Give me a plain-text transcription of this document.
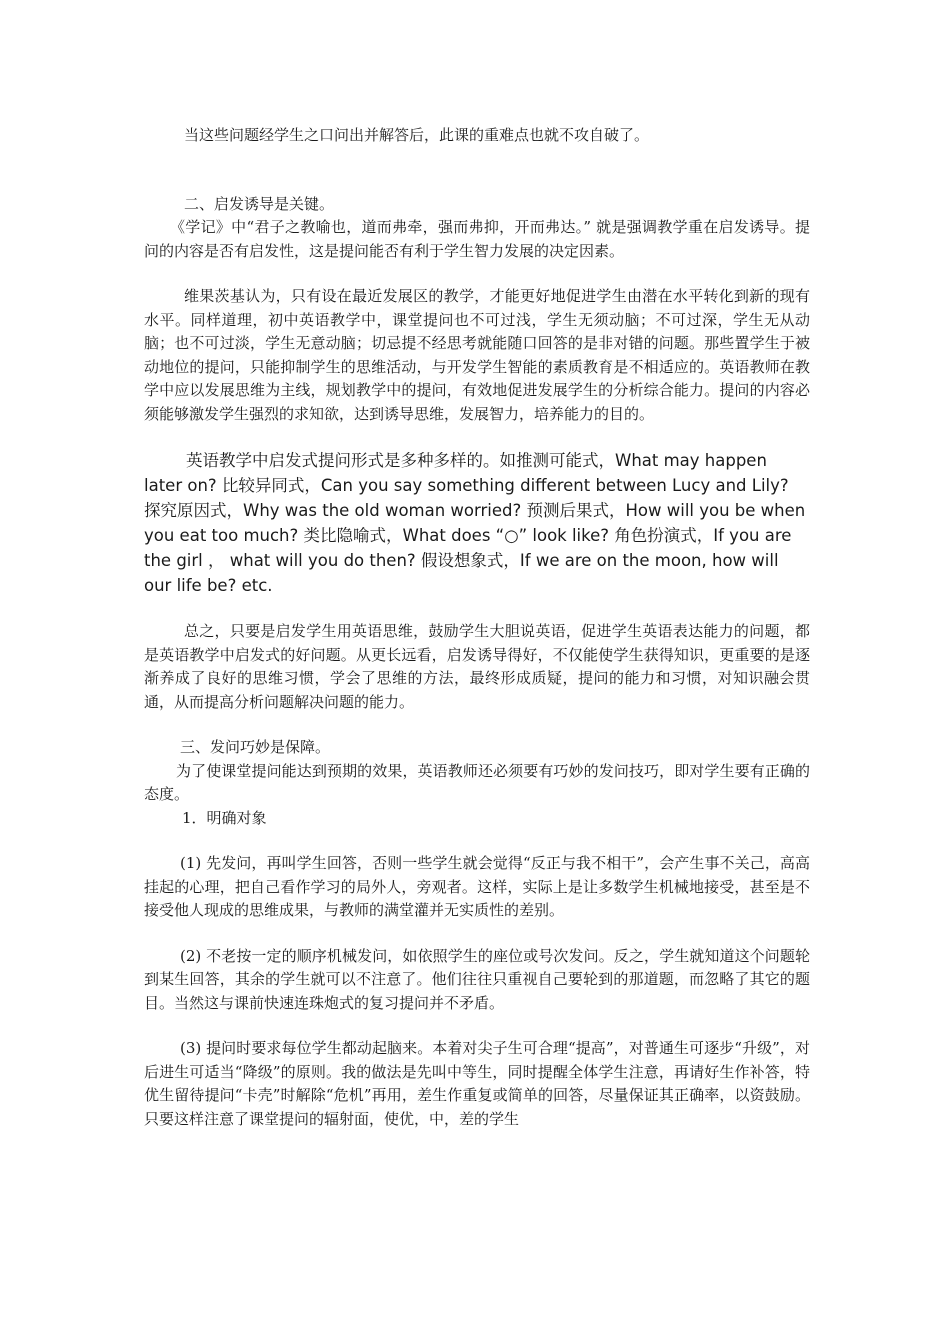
当这些问题经学生之口问出并解答后，此课的重难点也就不攻自破了。

二、启发诱导是关键。

《学记》中“君子之教喻也，道而弗牵，强而弗抑，开而弗达。” 就是强调教学重在启发诱导。提问的内容是否有启发性，这是提问能否有利于学生智力发展的决定因素。

维果茨基认为，只有设在最近发展区的教学，才能更好地促进学生由潜在水平转化到新的现有水平。同样道理，初中英语教学中，课堂提问也不可过浅，学生无须动脑；不可过深，学生无从动脑；也不可过淡，学生无意动脑；切忌提不经思考就能随口回答的是非对错的问题。那些置学生于被动地位的提问，只能抑制学生的思维活动，与开发学生智能的素质教育是不相适应的。英语教师在教学中应以发展思维为主线，规划教学中的提问，有效地促进发展学生的分析综合能力。提问的内容必须能够激发学生强烈的求知欲，达到诱导思维，发展智力，培养能力的目的。

英语教学中启发式提问形式是多种多样的。如推测可能式，What may happen later on? 比较异同式，Can you say something different between Lucy and Lily? 探究原因式，Why was the old woman worried? 预测后果式，How will you be when you eat too much? 类比隐喻式，What does “○” look like? 角色扮演式，If you are the girl ， what will you do then? 假设想象式，If we are on the moon, how will our life be? etc.

总之，只要是启发学生用英语思维，鼓励学生大胆说英语，促进学生英语表达能力的问题，都是英语教学中启发式的好问题。从更长远看，启发诱导得好，不仅能使学生获得知识，更重要的是逐渐养成了良好的思维习惯，学会了思维的方法，最终形成质疑，提问的能力和习惯，对知识融会贯通，从而提高分析问题解决问题的能力。

三、发问巧妙是保障。

为了使课堂提问能达到预期的效果，英语教师还必须要有巧妙的发问技巧，即对学生要有正确的态度。

1．明确对象

(1) 先发问，再叫学生回答，否则一些学生就会觉得“反正与我不相干”，会产生事不关己，高高挂起的心理，把自己看作学习的局外人，旁观者。这样，实际上是让多数学生机械地接受，甚至是不接受他人现成的思维成果，与教师的满堂灌并无实质性的差别。

(2) 不老按一定的顺序机械发问，如依照学生的座位或号次发问。反之，学生就知道这个问题轮到某生回答，其余的学生就可以不注意了。他们往往只重视自己要轮到的那道题，而忽略了其它的题目。当然这与课前快速连珠炮式的复习提问并不矛盾。

(3) 提问时要求每位学生都动起脑来。本着对尖子生可合理“提高”，对普通生可逐步“升级”，对后进生可适当“降级”的原则。我的做法是先叫中等生，同时提醒全体学生注意，再请好生作补答，特优生留待提问“卡壳”时解除“危机”再用，差生作重复或简单的回答，尽量保证其正确率，以资鼓励。只要这样注意了课堂提问的辐射面，使优，中，差的学生
